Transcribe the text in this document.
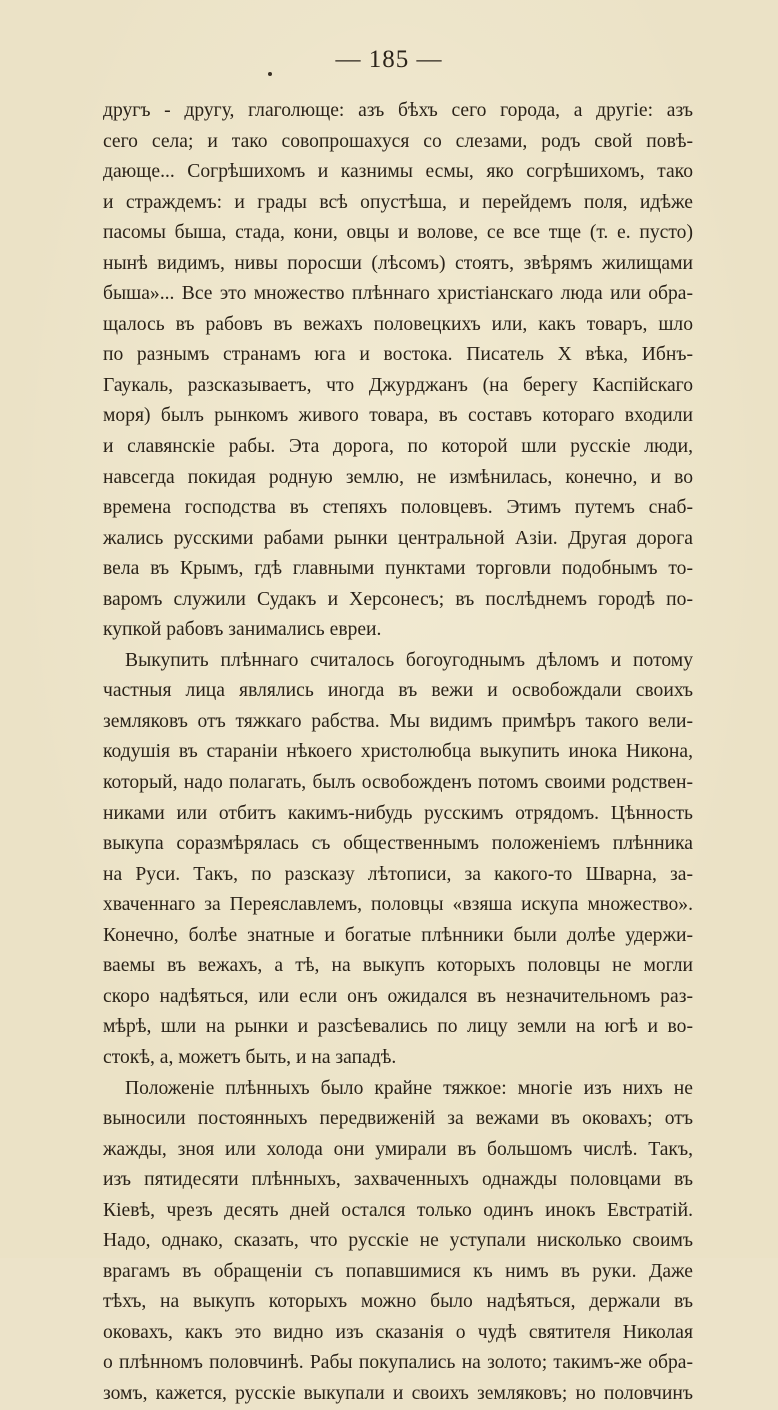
— 185 —
другъ - другу, глаголюще: азъ бѣхъ сего города, а другіе: азъ
сего села; и тако совопрошахуся со слезами, родъ свой повѣ-
дающе... Согрѣшихомъ и казнимы есмы, яко согрѣшихомъ, тако
и страждемъ: и грады всѣ опустѣша, и перейдемъ поля, идѣже
пасомы быша, стада, кони, овцы и волове, се все тще (т. е. пусто)
нынѣ видимъ, нивы поросши (лѣсомъ) стоятъ, звѣрямъ жилищами
быша»... Все это множество плѣннаго христіанскаго люда или обра-
щалось въ рабовъ въ вежахъ половецкихъ или, какъ товаръ, шло
по разнымъ странамъ юга и востока. Писатель X вѣка, Ибнъ-
Гаукаль, разсказываетъ, что Джурджанъ (на берегу Каспійскаго
моря) былъ рынкомъ живого товара, въ составъ котораго входили
и славянскіе рабы. Эта дорога, по которой шли русскіе люди,
навсегда покидая родную землю, не измѣнилась, конечно, и во
времена господства въ степяхъ половцевъ. Этимъ путемъ снаб-
жались русскими рабами рынки центральной Азіи. Другая дорога
вела въ Крымъ, гдѣ главными пунктами торговли подобнымъ то-
варомъ служили Судакъ и Херсонесъ; въ послѣднемъ городѣ по-
купкой рабовъ занимались евреи.
Выкупить плѣннаго считалось богоугоднымъ дѣломъ и потому
частныя лица являлись иногда въ вежи и освобождали своихъ
земляковъ отъ тяжкаго рабства. Мы видимъ примѣръ такого вели-
кодушія въ стараніи нѣкоего христолюбца выкупить инока Никона,
который, надо полагать, былъ освобожденъ потомъ своими родствен-
никами или отбитъ какимъ-нибудь русскимъ отрядомъ. Цѣнность
выкупа соразмѣрялась съ общественнымъ положеніемъ плѣнника
на Руси. Такъ, по разсказу лѣтописи, за какого-то Шварна, за-
хваченнаго за Переяславлемъ, половцы «взяша искупа множество».
Конечно, болѣе знатные и богатые плѣнники были долѣе удержи-
ваемы въ вежахъ, а тѣ, на выкупъ которыхъ половцы не могли
скоро надѣяться, или если онъ ожидался въ незначительномъ раз-
мѣрѣ, шли на рынки и разсѣевались по лицу земли на югѣ и во-
стокѣ, а, можетъ быть, и на западѣ.
Положеніе плѣнныхъ было крайне тяжкое: многіе изъ нихъ не
выносили постоянныхъ передвиженій за вежами въ оковахъ; отъ
жажды, зноя или холода они умирали въ большомъ числѣ. Такъ,
изъ пятидесяти плѣнныхъ, захваченныхъ однажды половцами въ
Кіевѣ, чрезъ десять дней остался только одинъ инокъ Евстратій.
Надо, однако, сказать, что русскіе не уступали нисколько своимъ
врагамъ въ обращеніи съ попавшимися къ нимъ въ руки. Даже
тѣхъ, на выкупъ которыхъ можно было надѣяться, держали въ
оковахъ, какъ это видно изъ сказанія о чудѣ святителя Николая
о плѣнномъ половчинѣ. Рабы покупались на золото; такимъ-же обра-
зомъ, кажется, русскіе выкупали и своихъ земляковъ; но половчинъ
